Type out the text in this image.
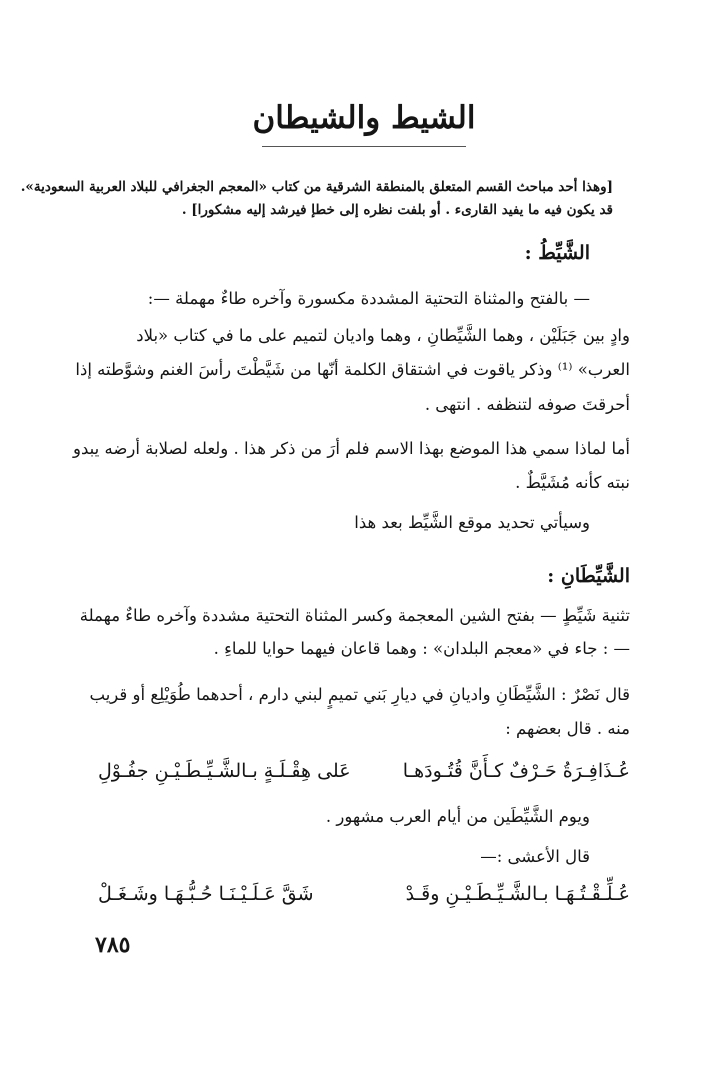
الشيط والشيطان
[وهذا أحد مباحث القسم المتعلق بالمنطقة الشرقية من كتاب «المعجم الجغرافي للبلاد العربية السعودية».
قد يكون فيه ما يفيد القارىء . أو بلفت نظره إلى خطإ فيرشد إليه مشكورا] .
الشَّيِّطُ :
— بالفتح والمثناة التحتية المشددة مكسورة وآخره طاءٌ مهملة —:
وادٍ بين جَبَلَيْن ، وهما الشَّيِّطانِ ، وهما واديان لتميم على ما في كتاب «بلاد
العرب» ⁽¹⁾ وذكر ياقوت في اشتقاق الكلمة أنّها من شَيَّطْتَ رأسَ الغنم وشوَّطته إذا
أحرقتَ صوفه لتنظفه . انتهى .
أما لماذا سمي هذا الموضع بهذا الاسم فلم أرَ من ذكر هذا . ولعله لصلابة أرضه يبدو
نبته كأنه مُشَيَّطٌ .
وسيأتي تحديد موقع الشَّيِّط بعد هذا
الشَّيِّطَانِ :
تثنية شَيِّطٍ — بفتح الشين المعجمة وكسر المثناة التحتية مشددة وآخره طاءٌ مهملة
— : جاء في «معجم البلدان» : وهما قاعان فيهما حوايا للماءِ .
قال نَصْرٌ : الشَّيِّطَانِ واديانِ في ديارِ بَني تميمٍ لبني دارم ، أحدهما طُوَيْلِع أو قريب
منه . قال بعضهم :
عُـذَافِـرَةُ حَـرْفٌ كـأَنَّ قُتُـودَهـا
عَلى هِقْـلَـةٍ بـالشَّـيِّـطَـيْـنِ جفُـوْلِ
ويوم الشَّيِّطَين من أيام العرب مشهور .
قال الأعشى :—
عُـلِّـقْـتُـهَـا بـالشَّـيِّـطَـيْـنِ وقَـدْ
شَقَّ عَـلَـيْـنَـا حُـبُّـهَـا وشَـغَـلْ
٧٨٥
